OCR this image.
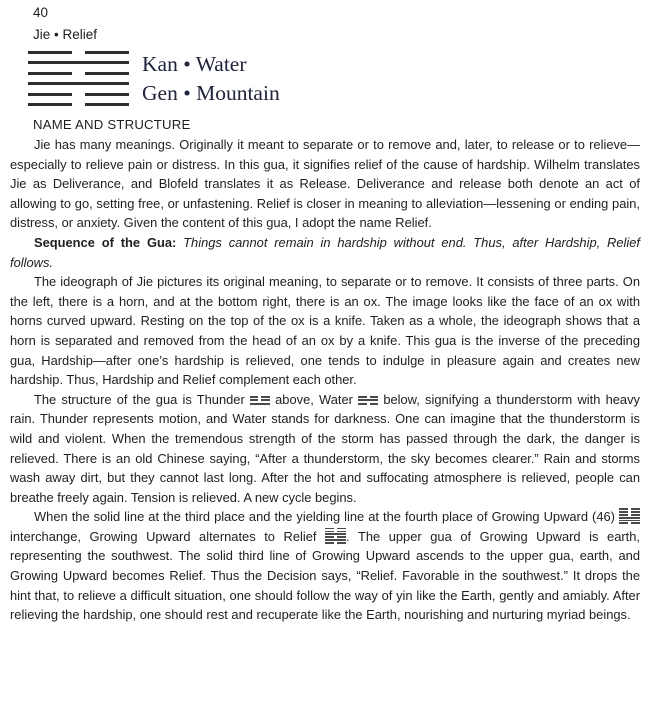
40
Jie • Relief
Kan • Water
Gen • Mountain
NAME AND STRUCTURE

Jie has many meanings. Originally it meant to separate or to remove and, later, to release or to relieve—especially to relieve pain or distress. In this gua, it signifies relief of the cause of hardship. Wilhelm translates Jie as Deliverance, and Blofeld translates it as Release. Deliverance and release both denote an act of allowing to go, setting free, or unfastening. Relief is closer in meaning to alleviation—lessening or ending pain, distress, or anxiety. Given the content of this gua, I adopt the name Relief.

Sequence of the Gua: Things cannot remain in hardship without end. Thus, after Hardship, Relief follows.

The ideograph of Jie pictures its original meaning, to separate or to remove. It consists of three parts. On the left, there is a horn, and at the bottom right, there is an ox. The image looks like the face of an ox with horns curved upward. Resting on the top of the ox is a knife. Taken as a whole, the ideograph shows that a horn is separated and removed from the head of an ox by a knife. This gua is the inverse of the preceding gua, Hardship—after one’s hardship is relieved, one tends to indulge in pleasure again and creates new hardship. Thus, Hardship and Relief complement each other.

The structure of the gua is Thunder
above, Water
below, signifying a thunderstorm with heavy rain. Thunder represents motion, and Water stands for darkness. One can imagine that the thunderstorm is wild and violent. When the tremendous strength of the storm has passed through the dark, the danger is relieved. There is an old Chinese saying, “After a thunderstorm, the sky becomes clearer.” Rain and storms wash away dirt, but they cannot last long. After the hot and suffocating atmosphere is relieved, people can breathe freely again. Tension is relieved. A new cycle begins.

When the solid line at the third place and the yielding line at the fourth place of Growing Upward (46)
interchange, Growing Upward alternates to Relief
. The upper gua of Growing Upward is earth, representing the southwest. The solid third line of Growing Upward ascends to the upper gua, earth, and Growing Upward becomes Relief. Thus the Decision says, “Relief. Favorable in the southwest.” It drops the hint that, to relieve a difficult situation, one should follow the way of yin like the Earth, gently and amiably. After relieving the hardship, one should rest and recuperate like the Earth, nourishing and nurturing myriad beings.
